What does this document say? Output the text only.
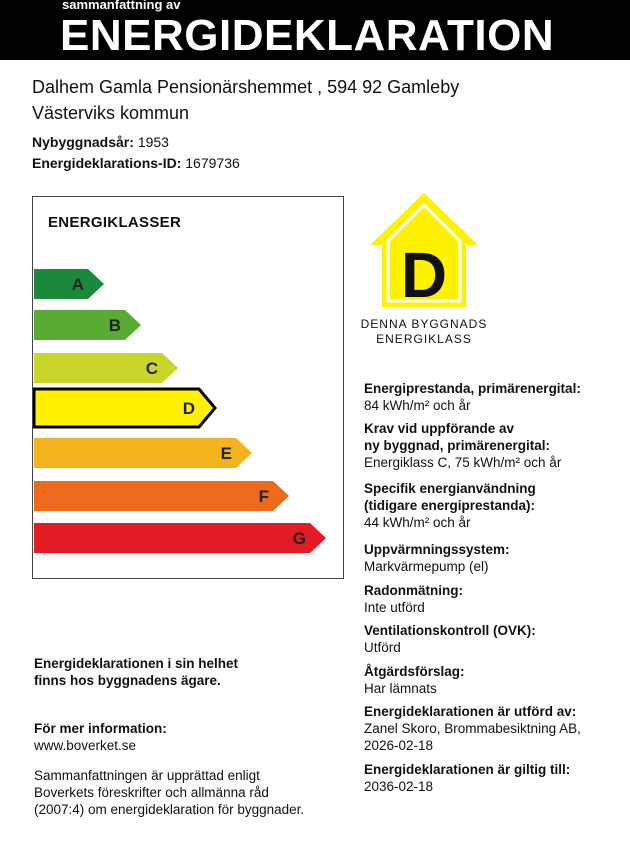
sammanfattning av
ENERGIDEKLARATION
Dalhem Gamla Pensionärshemmet , 594 92 Gamleby
Västerviks kommun
Nybyggnadsår: 1953
Energideklarations-ID: 1679736
ENERGIKLASSER
A
B
C
D
E
F
G
D
DENNA BYGGNADS
ENERGIKLASS
Energiprestanda, primärenergital:
84 kWh/m² och år
Krav vid uppförande av
ny byggnad, primärenergital:
Energiklass C, 75 kWh/m² och år
Specifik energianvändning
(tidigare energiprestanda):
44 kWh/m² och år
Uppvärmningssystem:
Markvärmepump (el)
Radonmätning:
Inte utförd
Ventilationskontroll (OVK):
Utförd
Åtgärdsförslag:
Har lämnats
Energideklarationen är utförd av:
Zanel Skoro, Brommabesiktning AB,
2026-02-18
Energideklarationen är giltig till:
2036-02-18
Energideklarationen i sin helhet
finns hos byggnadens ägare.
För mer information:
www.boverket.se
Sammanfattningen är upprättad enligt
Boverkets föreskrifter och allmänna råd
(2007:4) om energideklaration för byggnader.
